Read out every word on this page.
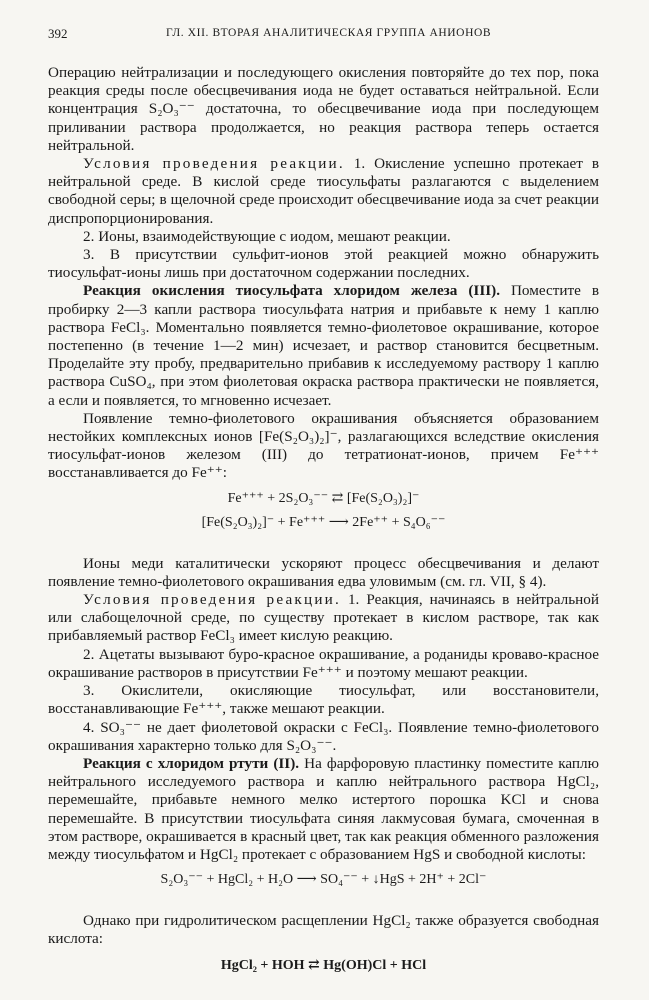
392	ГЛ. XII. ВТОРАЯ АНАЛИТИЧЕСКАЯ ГРУППА АНИОНОВ

Операцию нейтрализации и последующего окисления повторяйте до тех пор, пока реакция среды после обесцвечивания иода не будет оставаться нейтральной. Если концентрация S₂O₃⁻⁻ достаточна, то обесцвечивание иода при последующем приливании раствора продолжается, но реакция раствора теперь остается нейтральной.

Условия проведения реакции. 1. Окисление успешно протекает в нейтральной среде. В кислой среде тиосульфаты разлагаются с выделением свободной серы; в щелочной среде происходит обесцвечивание иода за счет реакции диспропорционирования.

2. Ионы, взаимодействующие с иодом, мешают реакции.

3. В присутствии сульфит-ионов этой реакцией можно обнаружить тиосульфат-ионы лишь при достаточном содержании последних.

Реакция окисления тиосульфата хлоридом железа (III). Поместите в пробирку 2—3 капли раствора тиосульфата натрия и прибавьте к нему 1 каплю раствора FeCl₃. Моментально появляется темно-фиолетовое окрашивание, которое постепенно (в течение 1—2 мин) исчезает, и раствор становится бесцветным. Проделайте эту пробу, предварительно прибавив к исследуемому раствору 1 каплю раствора CuSO₄, при этом фиолетовая окраска раствора практически не появляется, а если и появляется, то мгновенно исчезает.

Появление темно-фиолетового окрашивания объясняется образованием нестойких комплексных ионов [Fe(S₂O₃)₂]⁻, разлагающихся вследствие окисления тиосульфат-ионов железом (III) до тетратионат-ионов, причем Fe⁺⁺⁺ восстанавливается до Fe⁺⁺:

Fe⁺⁺⁺ + 2S₂O₃⁻⁻ ⇄ [Fe(S₂O₃)₂]⁻
[Fe(S₂O₃)₂]⁻ + Fe⁺⁺⁺ ⟶ 2Fe⁺⁺ + S₄O₆⁻⁻

Ионы меди каталитически ускоряют процесс обесцвечивания и делают появление темно-фиолетового окрашивания едва уловимым (см. гл. VII, § 4).

Условия проведения реакции. 1. Реакция, начинаясь в нейтральной или слабощелочной среде, по существу протекает в кислом растворе, так как прибавляемый раствор FeCl₃ имеет кислую реакцию.

2. Ацетаты вызывают буро-красное окрашивание, а роданиды кроваво-красное окрашивание растворов в присутствии Fe⁺⁺⁺ и поэтому мешают реакции.

3. Окислители, окисляющие тиосульфат, или восстановители, восстанавливающие Fe⁺⁺⁺, также мешают реакции.

4. SO₃⁻⁻ не дает фиолетовой окраски с FeCl₃. Появление темно-фиолетового окрашивания характерно только для S₂O₃⁻⁻.

Реакция с хлоридом ртути (II). На фарфоровую пластинку поместите каплю нейтрального исследуемого раствора и каплю нейтрального раствора HgCl₂, перемешайте, прибавьте немного мелко истертого порошка KCl и снова перемешайте. В присутствии тиосульфата синяя лакмусовая бумага, смоченная в этом растворе, окрашивается в красный цвет, так как реакция обменного разложения между тиосульфатом и HgCl₂ протекает с образованием HgS и свободной кислоты:

S₂O₃⁻⁻ + HgCl₂ + H₂O ⟶ SO₄⁻⁻ + ↓HgS + 2H⁺ + 2Cl⁻

Однако при гидролитическом расщеплении HgCl₂ также образуется свободная кислота:

HgCl₂ + HOH ⇄ Hg(OH)Cl + HCl
